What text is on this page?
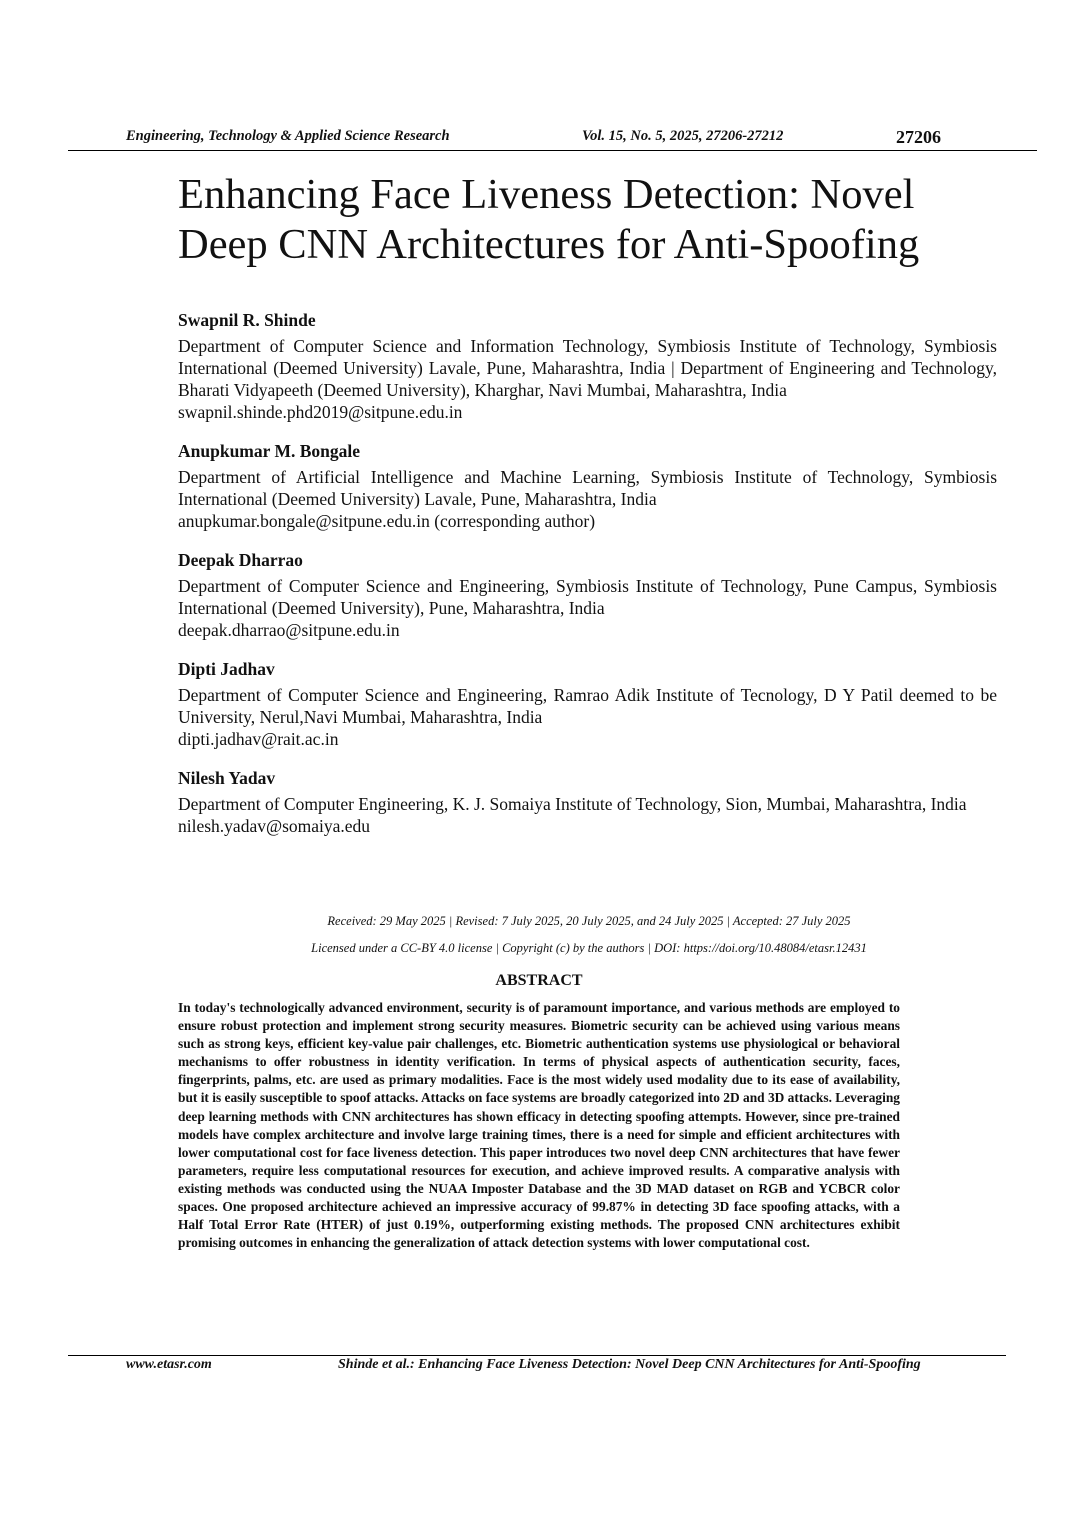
Engineering, Technology & Applied Science Research	Vol. 15, No. 5, 2025, 27206-27212	27206
Enhancing Face Liveness Detection: Novel
Deep CNN Architectures for Anti-Spoofing
Swapnil R. Shinde
Department of Computer Science and Information Technology, Symbiosis Institute of Technology, Symbiosis International (Deemed University) Lavale, Pune, Maharashtra, India | Department of Engineering and Technology, Bharati Vidyapeeth (Deemed University), Kharghar, Navi Mumbai, Maharashtra, India
swapnil.shinde.phd2019@sitpune.edu.in
Anupkumar M. Bongale
Department of Artificial Intelligence and Machine Learning, Symbiosis Institute of Technology, Symbiosis International (Deemed University) Lavale, Pune, Maharashtra, India
anupkumar.bongale@sitpune.edu.in (corresponding author)
Deepak Dharrao
Department of Computer Science and Engineering, Symbiosis Institute of Technology, Pune Campus, Symbiosis International (Deemed University), Pune, Maharashtra, India
deepak.dharrao@sitpune.edu.in
Dipti Jadhav
Department of Computer Science and Engineering, Ramrao Adik Institute of Tecnology, D Y Patil deemed to be University, Nerul,Navi Mumbai, Maharashtra, India
dipti.jadhav@rait.ac.in
Nilesh Yadav
Department of Computer Engineering, K. J. Somaiya Institute of Technology, Sion, Mumbai, Maharashtra, India
nilesh.yadav@somaiya.edu
Received: 29 May 2025 | Revised: 7 July 2025, 20 July 2025, and 24 July 2025 | Accepted: 27 July 2025
Licensed under a CC-BY 4.0 license | Copyright (c) by the authors | DOI: https://doi.org/10.48084/etasr.12431
ABSTRACT
In today's technologically advanced environment, security is of paramount importance, and various methods are employed to ensure robust protection and implement strong security measures. Biometric security can be achieved using various means such as strong keys, efficient key-value pair challenges, etc. Biometric authentication systems use physiological or behavioral mechanisms to offer robustness in identity verification. In terms of physical aspects of authentication security, faces, fingerprints, palms, etc. are used as primary modalities. Face is the most widely used modality due to its ease of availability, but it is easily susceptible to spoof attacks. Attacks on face systems are broadly categorized into 2D and 3D attacks. Leveraging deep learning methods with CNN architectures has shown efficacy in detecting spoofing attempts. However, since pre-trained models have complex architecture and involve large training times, there is a need for simple and efficient architectures with lower computational cost for face liveness detection. This paper introduces two novel deep CNN architectures that have fewer parameters, require less computational resources for execution, and achieve improved results. A comparative analysis with existing methods was conducted using the NUAA Imposter Database and the 3D MAD dataset on RGB and YCBCR color spaces. One proposed architecture achieved an impressive accuracy of 99.87% in detecting 3D face spoofing attacks, with a Half Total Error Rate (HTER) of just 0.19%, outperforming existing methods. The proposed CNN architectures exhibit promising outcomes in enhancing the generalization of attack detection systems with lower computational cost.
www.etasr.com	Shinde et al.: Enhancing Face Liveness Detection: Novel Deep CNN Architectures for Anti-Spoofing
